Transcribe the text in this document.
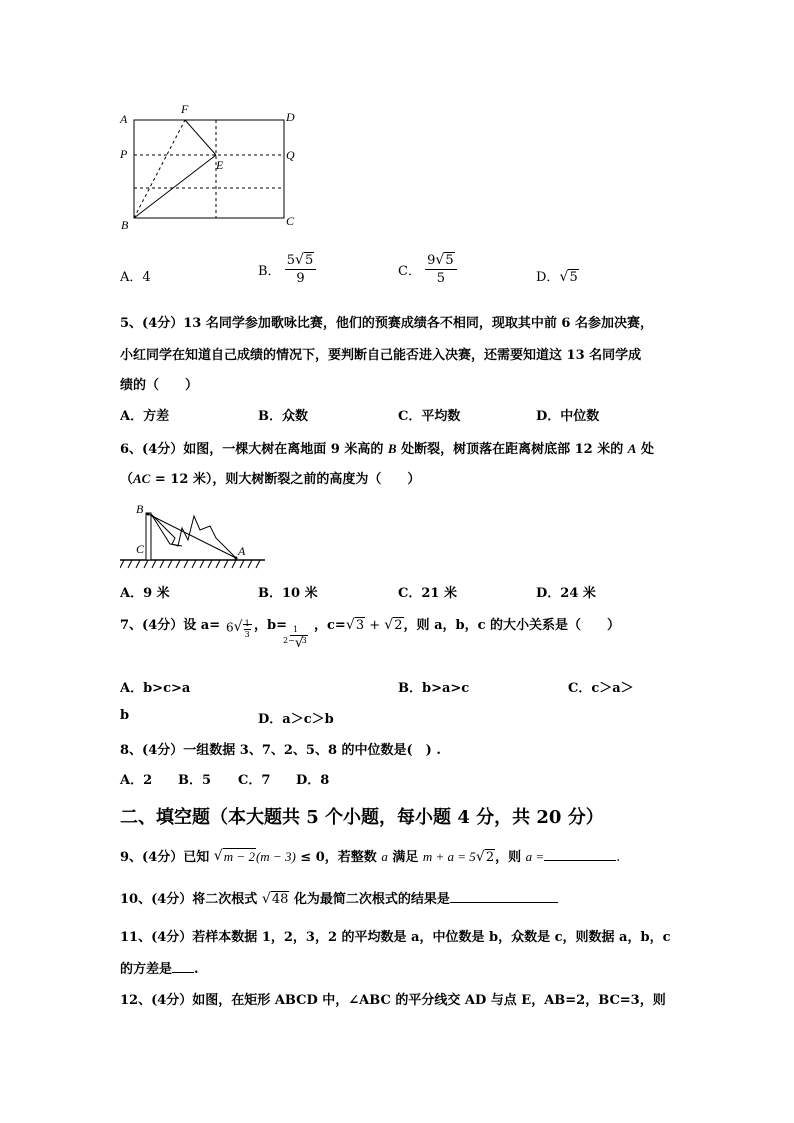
A
F
D
P	Q
E
B	C
A．4	B． $\frac{5 √ 5}{9}$	C． $\frac{9 √ 5}{5}$	D． √ 5
5、(4分）13 名同学参加歌咏比赛，他们的预赛成绩各不相同，现取其中前 6 名参加决赛，
小红同学在知道自己成绩的情况下，要判断自己能否进入决赛，还需要知道这 13 名同学成
绩的（　　）
A．方差	B．众数	C．平均数	D．中位数
6、(4分）如图，一棵大树在离地面 9 米高的 B 处断裂，树顶落在距离树底部 12 米的 A 处
（AC = 12 米），则大树断裂之前的高度为（　　）
B
C	A
A．9 米	B．10 米	C．21 米	D．24 米
7、(4分）设 a= 6 √ $\frac{1}{3}$ ，b=
$\frac{1}{2- √ 3}$
，c= √ 3 + √ 2，则 a，b，c 的大小关系是（　　）
A．b>c>a	B．b>a>c	C．c＞a＞
b	D．a＞c＞b
8、(4分）一组数据 3、7、2、5、8 的中位数是(　) .
A．2 B．5 C．7 D．8
二、填空题（本大题共 5 个小题，每小题 4 分，共 20 分）
9、(4分）已知 √ m − 2(m − 3) ≤ 0，若整数 a 满足 m + a = 5 √ 2，则 a =	.
10、(4分）将二次根式 √ 48 化为最简二次根式的结果是
11、(4分）若样本数据 1，2，3，2 的平均数是 a，中位数是 b，众数是 c，则数据 a，b，c
的方差是 .
12、(4分）如图，在矩形 ABCD 中，∠ABC 的平分线交 AD 与点 E，AB=2，BC=3，则
